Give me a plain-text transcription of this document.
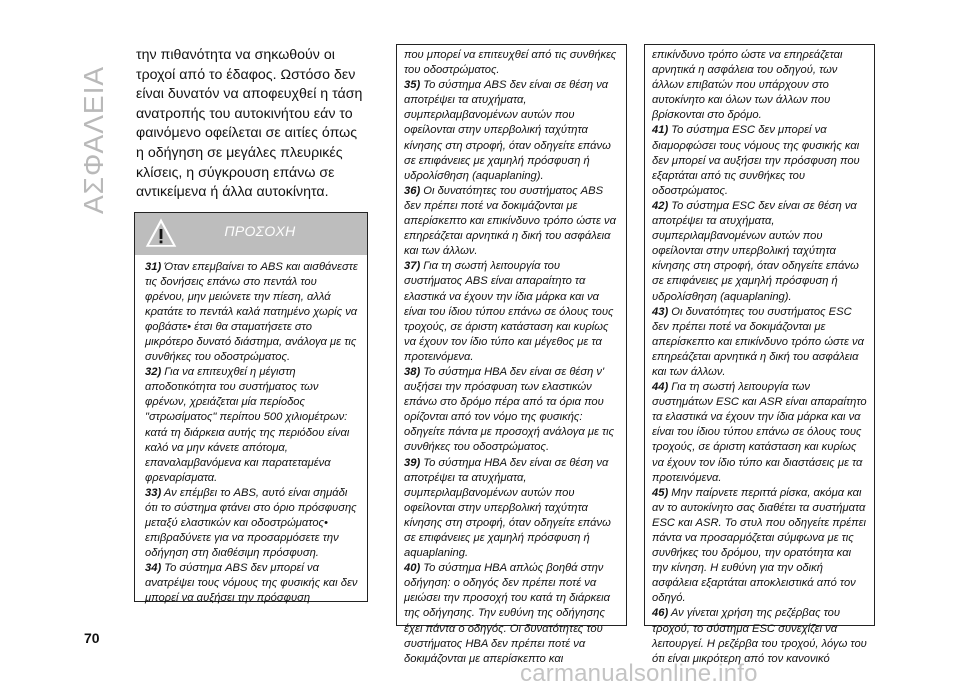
ΑΣΦΑΛΕΙΑ
70

την πιθανότητα να σηκωθούν οι τροχοί από το έδαφος. Ωστόσο δεν είναι δυνατόν να αποφευχθεί η τάση ανατροπής του αυτοκινήτου εάν το φαινόμενο οφείλεται σε αιτίες όπως η οδήγηση σε μεγάλες πλευρικές κλίσεις, η σύγκρουση επάνω σε αντικείμενα ή άλλα αυτοκίνητα.

ΠΡΟΣΟΧΗ

31) Όταν επεμβαίνει το ABS και αισθάνεστε τις δονήσεις επάνω στο πεντάλ του φρένου, μην μειώνετε την πίεση, αλλά κρατάτε το πεντάλ καλά πατημένο χωρίς να φοβάστε• έτσι θα σταματήσετε στο μικρότερο δυνατό διάστημα, ανάλογα με τις συνθήκες του οδοστρώματος.

32) Για να επιτευχθεί η μέγιστη αποδοτικότητα του συστήματος των φρένων, χρειάζεται μία περίοδος "στρωσίματος" περίπου 500 χιλιομέτρων: κατά τη διάρκεια αυτής της περιόδου είναι καλό να μην κάνετε απότομα, επαναλαμβανόμενα και παρατεταμένα φρεναρίσματα.

33) Αν επέμβει το ABS, αυτό είναι σημάδι ότι το σύστημα φτάνει στο όριο πρόσφυσης μεταξύ ελαστικών και οδοστρώματος• επιβραδύνετε για να προσαρμόσετε την οδήγηση στη διαθέσιμη πρόσφυση.

34) Το σύστημα ABS δεν μπορεί να ανατρέψει τους νόμους της φυσικής και δεν μπορεί να αυξήσει την πρόσφυση

που μπορεί να επιτευχθεί από τις συνθήκες του οδοστρώματος.

35) Το σύστημα ABS δεν είναι σε θέση να αποτρέψει τα ατυχήματα, συμπεριλαμβανομένων αυτών που οφείλονται στην υπερβολική ταχύτητα κίνησης στη στροφή, όταν οδηγείτε επάνω σε επιφάνειες με χαμηλή πρόσφυση ή υδρολίσθηση (aquaplaning).

36) Οι δυνατότητες του συστήματος ABS δεν πρέπει ποτέ να δοκιμάζονται με απερίσκεπτο και επικίνδυνο τρόπο ώστε να επηρεάζεται αρνητικά η δική του ασφάλεια και των άλλων.

37) Για τη σωστή λειτουργία του συστήματος ABS είναι απαραίτητο τα ελαστικά να έχουν την ίδια μάρκα και να είναι του ίδιου τύπου επάνω σε όλους τους τροχούς, σε άριστη κατάσταση και κυρίως να έχουν τον ίδιο τύπο και μέγεθος με τα προτεινόμενα.

38) Το σύστημα HBA δεν είναι σε θέση ν' αυξήσει την πρόσφυση των ελαστικών επάνω στο δρόμο πέρα από τα όρια που ορίζονται από τον νόμο της φυσικής: οδηγείτε πάντα με προσοχή ανάλογα με τις συνθήκες του οδοστρώματος.

39) Το σύστημα HBA δεν είναι σε θέση να αποτρέψει τα ατυχήματα, συμπεριλαμβανομένων αυτών που οφείλονται στην υπερβολική ταχύτητα κίνησης στη στροφή, όταν οδηγείτε επάνω σε επιφάνειες με χαμηλή πρόσφυση ή aquaplaning.

40) Το σύστημα HBA απλώς βοηθά στην οδήγηση: ο οδηγός δεν πρέπει ποτέ να μειώσει την προσοχή του κατά τη διάρκεια της οδήγησης. Την ευθύνη της οδήγησης έχει πάντα ο οδηγός. Οι δυνατότητες του συστήματος HBA δεν πρέπει ποτέ να δοκιμάζονται με απερίσκεπτο και

επικίνδυνο τρόπο ώστε να επηρεάζεται αρνητικά η ασφάλεια του οδηγού, των άλλων επιβατών που υπάρχουν στο αυτοκίνητο και όλων των άλλων που βρίσκονται στο δρόμο.

41) Το σύστημα ESC δεν μπορεί να διαμορφώσει τους νόμους της φυσικής και δεν μπορεί να αυξήσει την πρόσφυση που εξαρτάται από τις συνθήκες του οδοστρώματος.

42) Το σύστημα ESC δεν είναι σε θέση να αποτρέψει τα ατυχήματα, συμπεριλαμβανομένων αυτών που οφείλονται στην υπερβολική ταχύτητα κίνησης στη στροφή, όταν οδηγείτε επάνω σε επιφάνειες με χαμηλή πρόσφυση ή υδρολίσθηση (aquaplaning).

43) Οι δυνατότητες του συστήματος ESC δεν πρέπει ποτέ να δοκιμάζονται με απερίσκεπτο και επικίνδυνο τρόπο ώστε να επηρεάζεται αρνητικά η δική του ασφάλεια και των άλλων.

44) Για τη σωστή λειτουργία των συστημάτων ESC και ASR είναι απαραίτητο τα ελαστικά να έχουν την ίδια μάρκα και να είναι του ίδιου τύπου επάνω σε όλους τους τροχούς, σε άριστη κατάσταση και κυρίως να έχουν τον ίδιο τύπο και διαστάσεις με τα προτεινόμενα.

45) Μην παίρνετε περιττά ρίσκα, ακόμα και αν το αυτοκίνητο σας διαθέτει τα συστήματα ESC και ASR. Το στυλ που οδηγείτε πρέπει πάντα να προσαρμόζεται σύμφωνα με τις συνθήκες του δρόμου, την ορατότητα και την κίνηση. Η ευθύνη για την οδική ασφάλεια εξαρτάται αποκλειστικά από τον οδηγό.

46) Αν γίνεται χρήση της ρεζέρβας του τροχού, το σύστημα ESC συνεχίζει να λειτουργεί. Η ρεζέρβα του τροχού, λόγω του ότι είναι μικρότερη από τον κανονικό

carmanualsonline.info
